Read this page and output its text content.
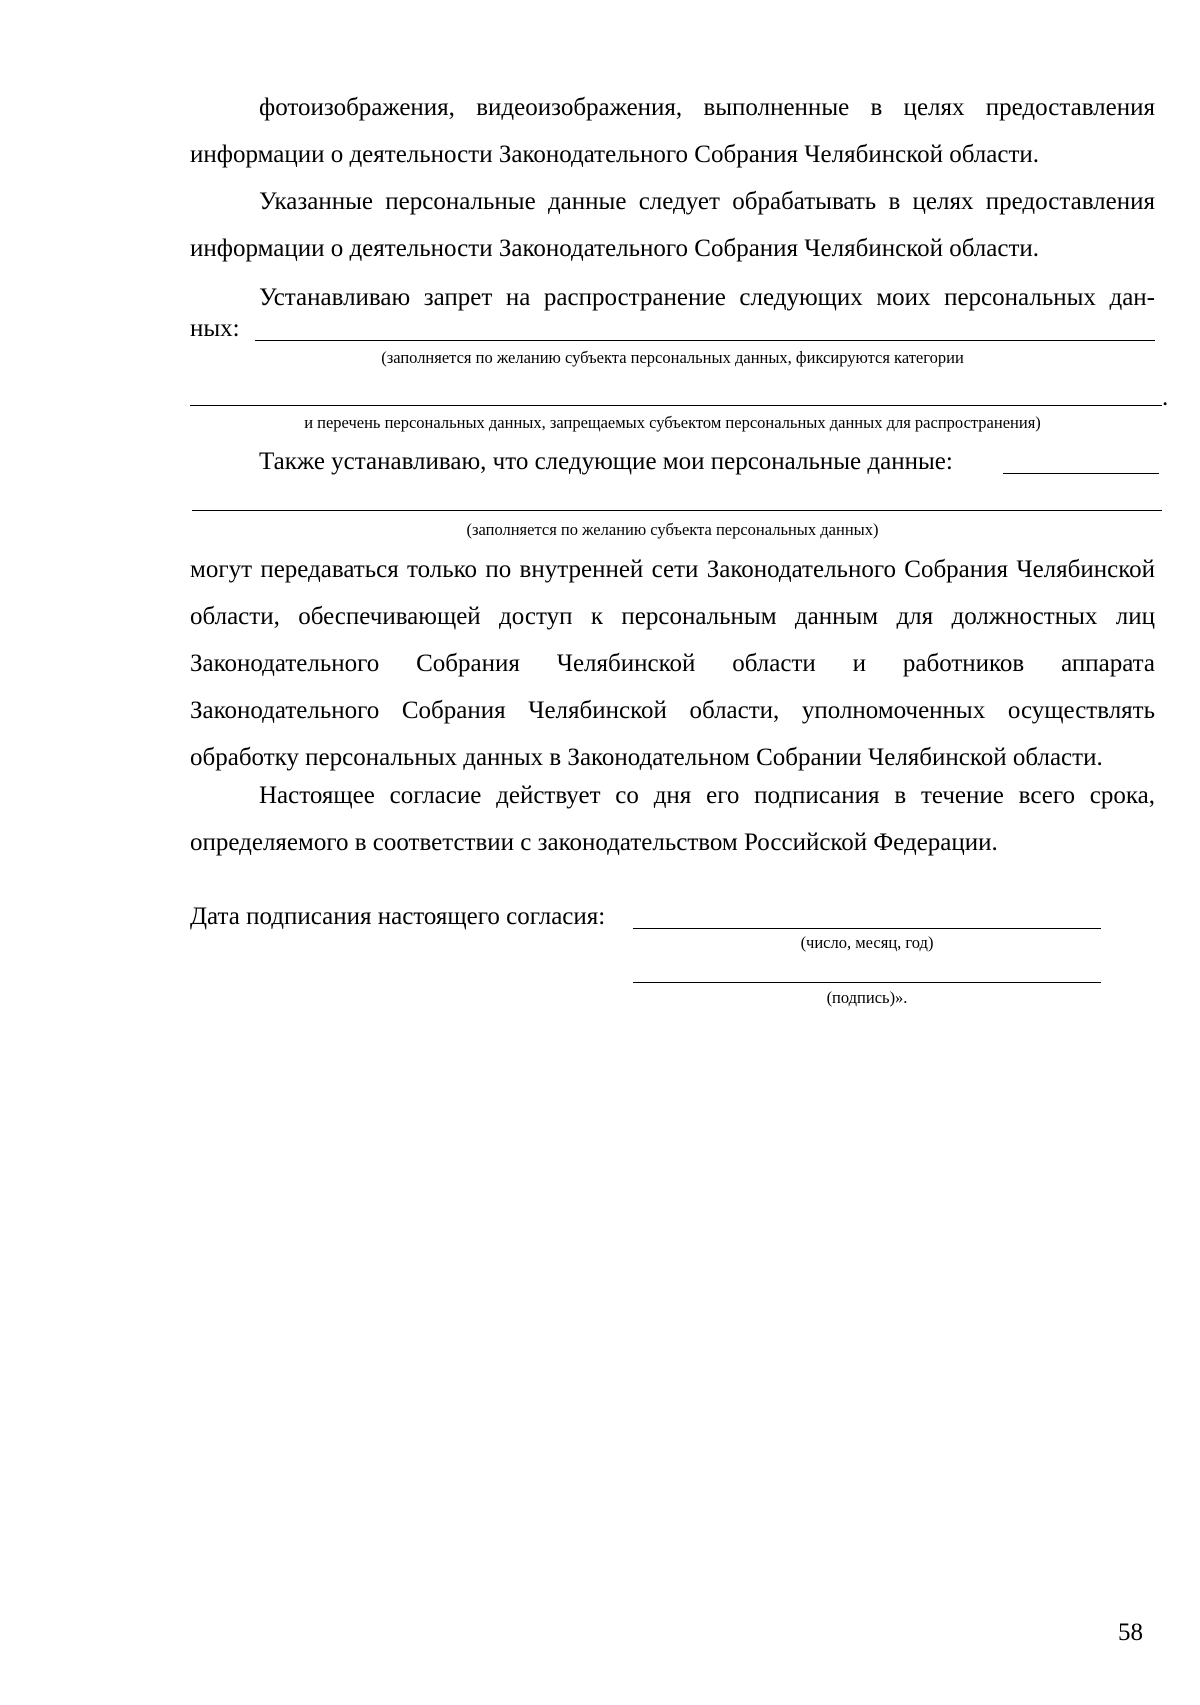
фотоизображения, видеоизображения, выполненные в целях предоставления информации о деятельности Законодательного Собрания Челябинской области.

Указанные персональные данные следует обрабатывать в целях предоставления информации о деятельности Законодательного Собрания Челябинской области.

Устанавливаю запрет на распространение следующих моих персональных дан-
ных:
(заполняется по желанию субъекта персональных данных, фиксируются категории
.
и перечень персональных данных, запрещаемых субъектом персональных данных для распространения)
Также устанавливаю, что следующие мои персональные данные:
(заполняется по желанию субъекта персональных данных)

могут передаваться только по внутренней сети Законодательного Собрания Челябинской области, обеспечивающей доступ к персональным данным для должностных лиц Законодательного Собрания Челябинской области и работников аппарата Законодательного Собрания Челябинской области, уполномоченных осуществлять обработку персональных данных в Законодательном Собрании Челябинской области.

Настоящее согласие действует со дня его подписания в течение всего срока, определяемого в соответствии с законодательством Российской Федерации.

Дата подписания настоящего согласия:
(число, месяц, год)
(подпись)».
58
